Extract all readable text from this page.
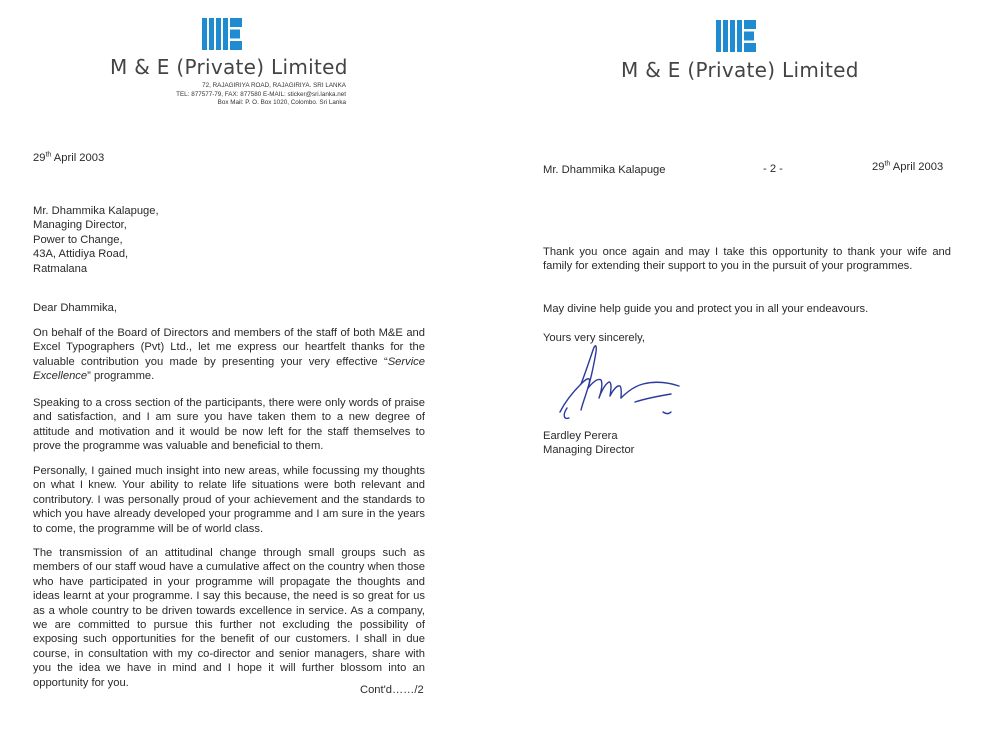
M & E (Private) Limited
72, RAJAGIRIYA ROAD, RAJAGIRIYA. SRI LANKA
TEL: 877577-79, FAX: 877580 E-MAIL: sticker@sri.lanka.net
Box Mail: P. O. Box 1020, Colombo. Sri Lanka
29th April 2003
Mr. Dhammika Kalapuge,
Managing Director,
Power to Change,
43A, Attidiya Road,
Ratmalana
Dear Dhammika,
On behalf of the Board of Directors and members of the staff of both M&E and Excel Typographers (Pvt) Ltd., let me express our heartfelt thanks for the valuable contribution you made by presenting your very effective “Service Excellence” programme.
Speaking to a cross section of the participants, there were only words of praise and satisfaction, and I am sure you have taken them to a new degree of attitude and motivation and it would be now left for the staff themselves to prove the programme was valuable and beneficial to them.
Personally, I gained much insight into new areas, while focussing my thoughts on what I knew. Your ability to relate life situations were both relevant and contributory. I was personally proud of your achievement and the standards to which you have already developed your programme and I am sure in the years to come, the programme will be of world class.
The transmission of an attitudinal change through small groups such as members of our staff woud have a cumulative affect on the country when those who have participated in your programme will propagate the thoughts and ideas learnt at your programme. I say this because, the need is so great for us as a whole country to be driven towards excellence in service. As a company, we are committed to pursue this further not excluding the possibility of exposing such opportunities for the benefit of our customers. I shall in due course, in consultation with my co-director and senior managers, share with you the idea we have in mind and I hope it will further blossom into an opportunity for you.
Cont'd……/2
M & E (Private) Limited
Mr. Dhammika Kalapuge	- 2 -	29th April 2003
Thank you once again and may I take this opportunity to thank your wife and family for extending their support to you in the pursuit of your programmes.
May divine help guide you and protect you in all your endeavours.
Yours very sincerely,
Eardley Perera
Managing Director
